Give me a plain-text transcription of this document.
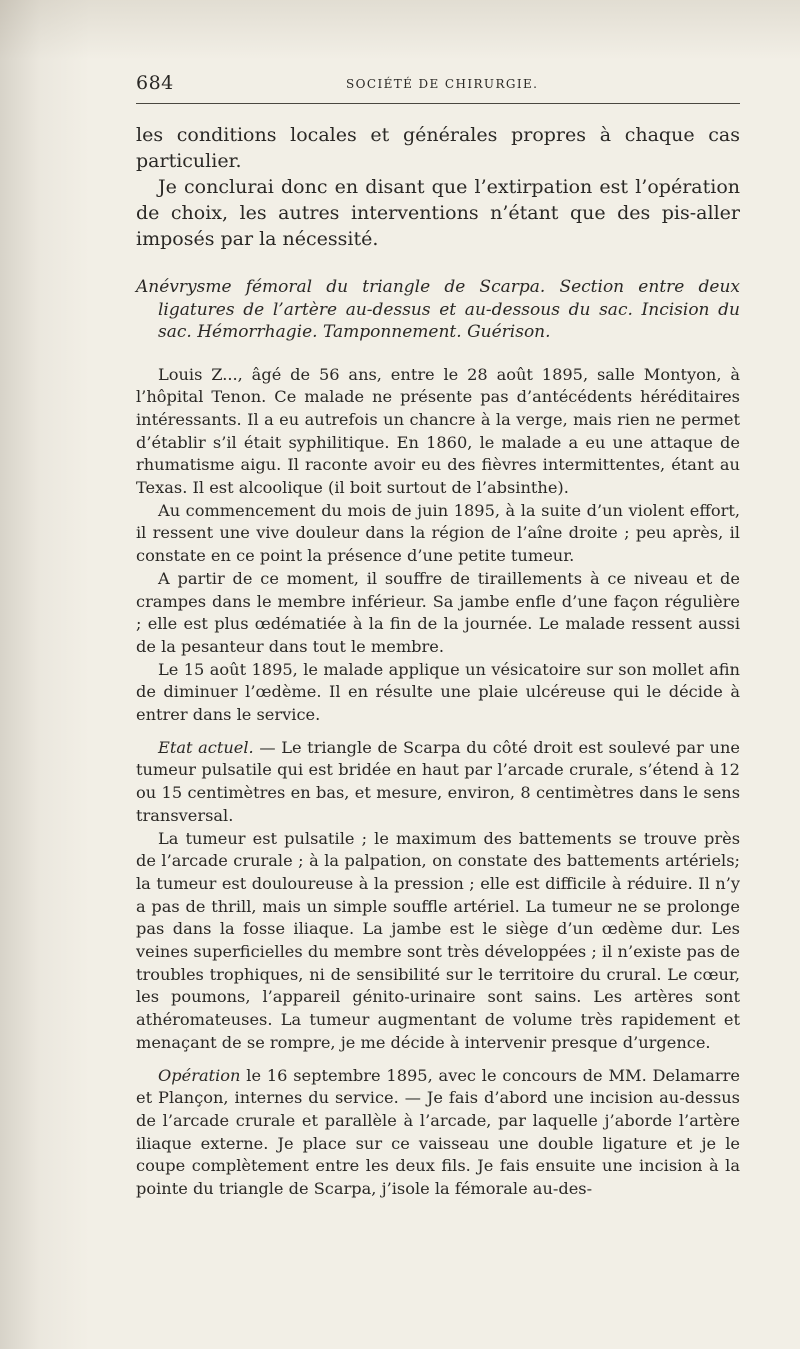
684	SOCIÉTÉ DE CHIRURGIE.

les conditions locales et générales propres à chaque cas particulier.

Je conclurai donc en disant que l’extirpation est l’opération de choix, les autres interventions n’étant que des pis-aller imposés par la nécessité.

Anévrysme fémoral du triangle de Scarpa. Section entre deux ligatures de l’artère au-dessus et au-dessous du sac. Incision du sac. Hémorrhagie. Tamponnement. Guérison.

Louis Z..., âgé de 56 ans, entre le 28 août 1895, salle Montyon, à l’hôpital Tenon. Ce malade ne présente pas d’antécédents héréditaires intéressants. Il a eu autrefois un chancre à la verge, mais rien ne permet d’établir s’il était syphilitique. En 1860, le malade a eu une attaque de rhumatisme aigu. Il raconte avoir eu des fièvres intermittentes, étant au Texas. Il est alcoolique (il boit surtout de l’absinthe).

Au commencement du mois de juin 1895, à la suite d’un violent effort, il ressent une vive douleur dans la région de l’aîne droite ; peu après, il constate en ce point la présence d’une petite tumeur.

A partir de ce moment, il souffre de tiraillements à ce niveau et de crampes dans le membre inférieur. Sa jambe enfle d’une façon régulière ; elle est plus œdématiée à la fin de la journée. Le malade ressent aussi de la pesanteur dans tout le membre.

Le 15 août 1895, le malade applique un vésicatoire sur son mollet afin de diminuer l’œdème. Il en résulte une plaie ulcéreuse qui le décide à entrer dans le service.

Etat actuel. — Le triangle de Scarpa du côté droit est soulevé par une tumeur pulsatile qui est bridée en haut par l’arcade crurale, s’étend à 12 ou 15 centimètres en bas, et mesure, environ, 8 centimètres dans le sens transversal.

La tumeur est pulsatile ; le maximum des battements se trouve près de l’arcade crurale ; à la palpation, on constate des battements artériels; la tumeur est douloureuse à la pression ; elle est difficile à réduire. Il n’y a pas de thrill, mais un simple souffle artériel. La tumeur ne se prolonge pas dans la fosse iliaque. La jambe est le siège d’un œdème dur. Les veines superficielles du membre sont très développées ; il n’existe pas de troubles trophiques, ni de sensibilité sur le territoire du crural. Le cœur, les poumons, l’appareil génito-urinaire sont sains. Les artères sont athéromateuses. La tumeur augmentant de volume très rapidement et menaçant de se rompre, je me décide à intervenir presque d’urgence.

Opération le 16 septembre 1895, avec le concours de MM. Delamarre et Plançon, internes du service. — Je fais d’abord une incision au-dessus de l’arcade crurale et parallèle à l’arcade, par laquelle j’aborde l’artère iliaque externe. Je place sur ce vaisseau une double ligature et je le coupe complètement entre les deux fils. Je fais ensuite une incision à la pointe du triangle de Scarpa, j’isole la fémorale au-des-
